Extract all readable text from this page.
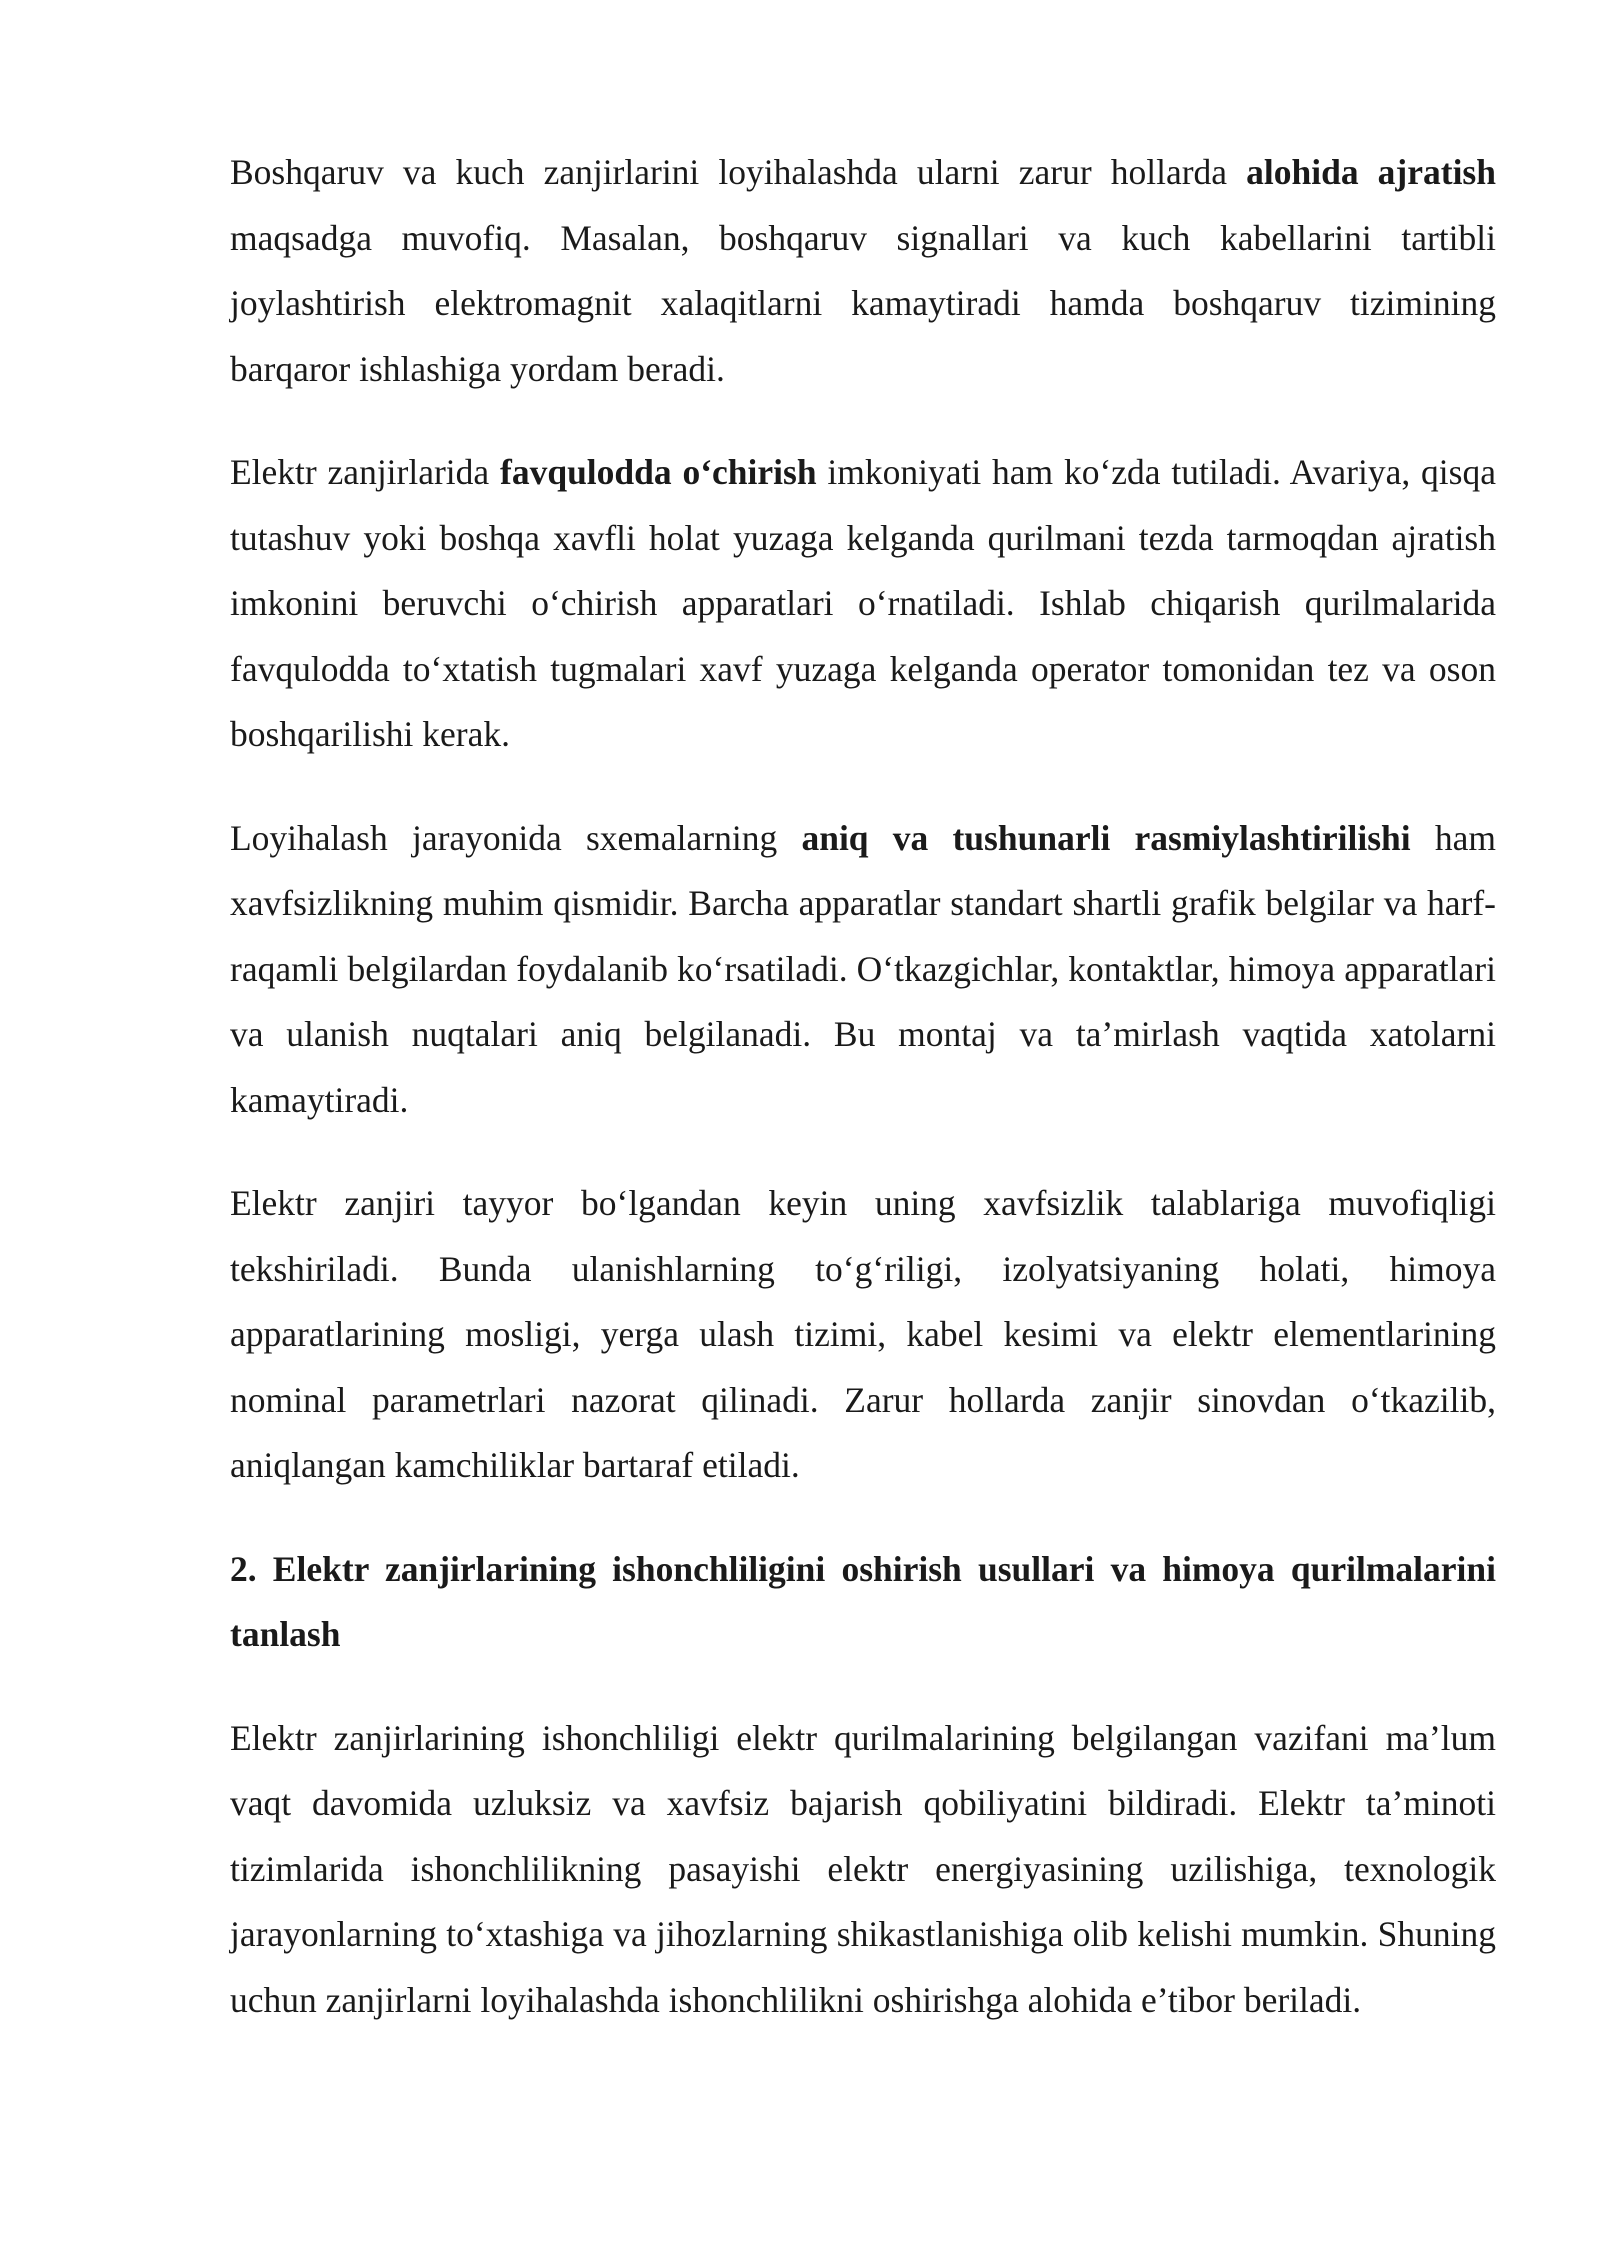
Boshqaruv va kuch zanjirlarini loyihalashda ularni zarur hollarda alohida ajratish maqsadga muvofiq. Masalan, boshqaruv signallari va kuch kabellarini tartibli joylashtirish elektromagnit xalaqitlarni kamaytiradi hamda boshqaruv tizimining barqaror ishlashiga yordam beradi.

Elektr zanjirlarida favqulodda o‘chirish imkoniyati ham ko‘zda tutiladi. Avariya, qisqa tutashuv yoki boshqa xavfli holat yuzaga kelganda qurilmani tezda tarmoqdan ajratish imkonini beruvchi o‘chirish apparatlari o‘rnatiladi. Ishlab chiqarish qurilmalarida favqulodda to‘xtatish tugmalari xavf yuzaga kelganda operator tomonidan tez va oson boshqarilishi kerak.

Loyihalash jarayonida sxemalarning aniq va tushunarli rasmiylashtirilishi ham xavfsizlikning muhim qismidir. Barcha apparatlar standart shartli grafik belgilar va harf-raqamli belgilardan foydalanib ko‘rsatiladi. O‘tkazgichlar, kontaktlar, himoya apparatlari va ulanish nuqtalari aniq belgilanadi. Bu montaj va ta’mirlash vaqtida xatolarni kamaytiradi.

Elektr zanjiri tayyor bo‘lgandan keyin uning xavfsizlik talablariga muvofiqligi tekshiriladi. Bunda ulanishlarning to‘g‘riligi, izolyatsiyaning holati, himoya apparatlarining mosligi, yerga ulash tizimi, kabel kesimi va elektr elementlarining nominal parametrlari nazorat qilinadi. Zarur hollarda zanjir sinovdan o‘tkazilib, aniqlangan kamchiliklar bartaraf etiladi.

2. Elektr zanjirlarining ishonchliligini oshirish usullari va himoya qurilmalarini tanlash

Elektr zanjirlarining ishonchliligi elektr qurilmalarining belgilangan vazifani ma’lum vaqt davomida uzluksiz va xavfsiz bajarish qobiliyatini bildiradi. Elektr ta’minoti tizimlarida ishonchlilikning pasayishi elektr energiyasining uzilishiga, texnologik jarayonlarning to‘xtashiga va jihozlarning shikastlanishiga olib kelishi mumkin. Shuning uchun zanjirlarni loyihalashda ishonchlilikni oshirishga alohida e’tibor beriladi.
